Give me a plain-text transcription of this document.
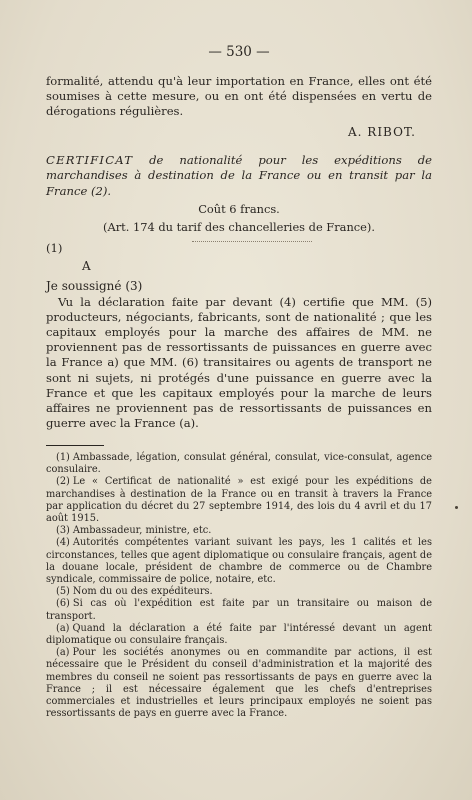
— 530 —

formalité, attendu qu'à leur importation en France, elles ont été soumises à cette mesure, ou en ont été dispensées en vertu de dérogations régulières.

A. RIBOT.

CERTIFICAT de nationalité pour les expéditions de marchandises à destination de la France ou en transit par la France (2).

Coût 6 francs.
(Art. 174 du tarif des chancelleries de France).
(1)
A
Je soussigné (3)

Vu la déclaration faite par devant (4) certifie que MM. (5) producteurs, négociants, fabricants, sont de nationalité ; que les capitaux employés pour la marche des affaires de MM. ne proviennent pas de ressortissants de puissances en guerre avec la France a) que MM. (6) transitaires ou agents de transport ne sont ni sujets, ni protégés d'une puissance en guerre avec la France et que les capitaux employés pour la marche de leurs affaires ne proviennent pas de ressortissants de puissances en guerre avec la France (a).

(1) Ambassade, légation, consulat général, consulat, vice-consulat, agence consulaire.

(2) Le « Certificat de nationalité » est exigé pour les expéditions de marchandises à destination de la France ou en transit à travers la France par application du décret du 27 septembre 1914, des lois du 4 avril et du 17 août 1915.

(3) Ambassadeur, ministre, etc.

(4) Autorités compétentes variant suivant les pays, les 1 calités et les circonstances, telles que agent diplomatique ou consulaire français, agent de la douane locale, président de chambre de commerce ou de Chambre syndicale, commissaire de police, notaire, etc.

(5) Nom du ou des expéditeurs.

(6) Si cas où l'expédition est faite par un transitaire ou maison de transport.

(a) Quand la déclaration a été faite par l'intéressé devant un agent diplomatique ou consulaire français.

(a) Pour les sociétés anonymes ou en commandite par actions, il est nécessaire que le Président du conseil d'administration et la majorité des membres du conseil ne soient pas ressortissants de pays en guerre avec la France ; il est nécessaire également que les chefs d'entreprises commerciales et industrielles et leurs principaux employés ne soient pas ressortissants de pays en guerre avec la France.
